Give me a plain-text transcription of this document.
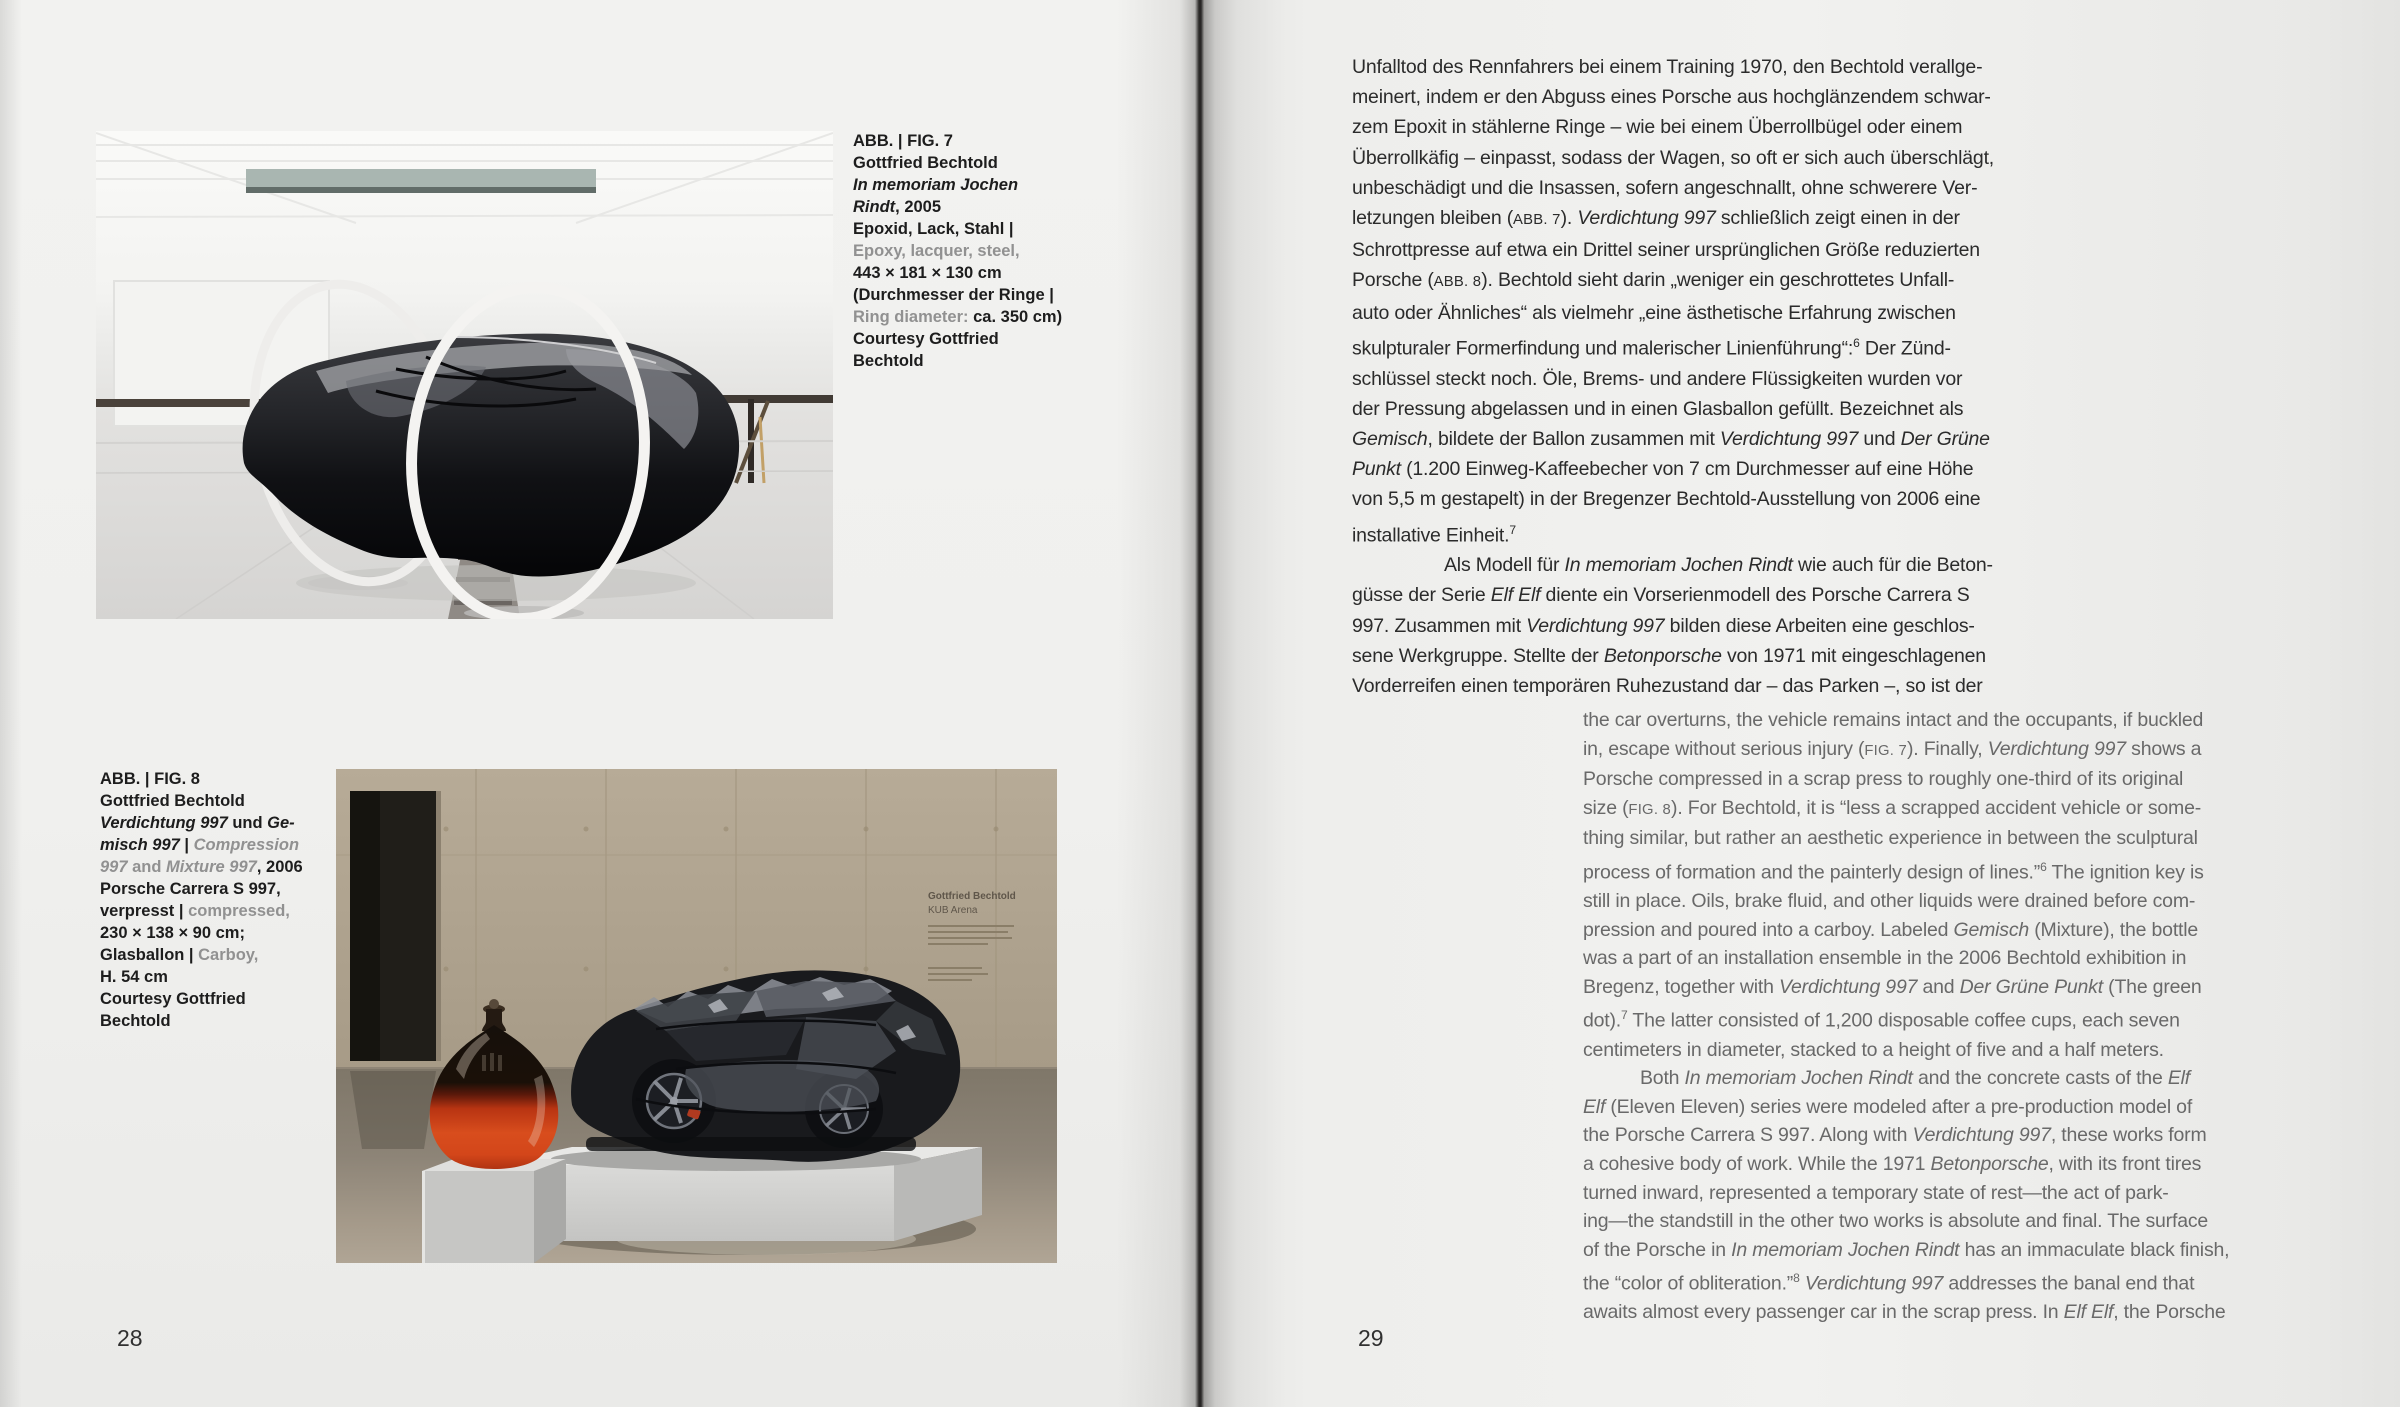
ABB. | FIG. 7
Gottfried Bechtold
In memoriam Jochen
Rindt, 2005
Epoxid, Lack, Stahl |
Epoxy, lacquer, steel,
443 × 181 × 130 cm
(Durchmesser der Ringe |
Ring diameter: ca. 350 cm)
Courtesy Gottfried
Bechtold
ABB. | FIG. 8
Gottfried Bechtold
Verdichtung 997 und Ge-
misch 997 | Compression
997 and Mixture 997, 2006
Porsche Carrera S 997,
verpresst | compressed,
230 × 138 × 90 cm;
Glasballon | Carboy,
H. 54 cm
Courtesy Gottfried
Bechtold
Gottfried Bechtold
KUB Arena
28
Unfalltod des Rennfahrers bei einem Training 1970, den Bechtold verallge-
meinert, indem er den Abguss eines Porsche aus hochglänzendem schwar-
zem Epoxit in stählerne Ringe – wie bei einem Überrollbügel oder einem
Überrollkäfig – einpasst, sodass der Wagen, so oft er sich auch überschlägt,
unbeschädigt und die Insassen, sofern angeschnallt, ohne schwerere Ver-
letzungen bleiben (ABB. 7). Verdichtung 997 schließlich zeigt einen in der
Schrottpresse auf etwa ein Drittel seiner ursprünglichen Größe reduzierten
Porsche (ABB. 8). Bechtold sieht darin „weniger ein geschrottetes Unfall-
auto oder Ähnliches“ als vielmehr „eine ästhetische Erfahrung zwischen
skulpturaler Formerfindung und malerischer Linienführung“:$^6$ Der Zünd-
schlüssel steckt noch. Öle, Brems- und andere Flüssigkeiten wurden vor
der Pressung abgelassen und in einen Glasballon gefüllt. Bezeichnet als
Gemisch, bildete der Ballon zusammen mit Verdichtung 997 und Der Grüne
Punkt (1.200 Einweg-Kaffeebecher von 7 cm Durchmesser auf eine Höhe
von 5,5 m gestapelt) in der Bregenzer Bechtold-Ausstellung von 2006 eine
installative Einheit.$^7$
Als Modell für In memoriam Jochen Rindt wie auch für die Beton-
güsse der Serie Elf Elf diente ein Vorserienmodell des Porsche Carrera S
997. Zusammen mit Verdichtung 997 bilden diese Arbeiten eine geschlos-
sene Werkgruppe. Stellte der Betonporsche von 1971 mit eingeschlagenen
Vorderreifen einen temporären Ruhezustand dar – das Parken –, so ist der
the car overturns, the vehicle remains intact and the occupants, if buckled
in, escape without serious injury (FIG. 7). Finally, Verdichtung 997 shows a
Porsche compressed in a scrap press to roughly one-third of its original
size (FIG. 8). For Bechtold, it is “less a scrapped accident vehicle or some-
thing similar, but rather an aesthetic experience in between the sculptural
process of formation and the painterly design of lines.”$^6$ The ignition key is
still in place. Oils, brake fluid, and other liquids were drained before com-
pression and poured into a carboy. Labeled Gemisch (Mixture), the bottle
was a part of an installation ensemble in the 2006 Bechtold exhibition in
Bregenz, together with Verdichtung 997 and Der Grüne Punkt (The green
dot).$^7$ The latter consisted of 1,200 disposable coffee cups, each seven
centimeters in diameter, stacked to a height of five and a half meters.
Both In memoriam Jochen Rindt and the concrete casts of the Elf
Elf (Eleven Eleven) series were modeled after a pre-production model of
the Porsche Carrera S 997. Along with Verdichtung 997, these works form
a cohesive body of work. While the 1971 Betonporsche, with its front tires
turned inward, represented a temporary state of rest—the act of park-
ing—the standstill in the other two works is absolute and final. The surface
of the Porsche in In memoriam Jochen Rindt has an immaculate black finish,
the “color of obliteration.”$^8$ Verdichtung 997 addresses the banal end that
awaits almost every passenger car in the scrap press. In Elf Elf, the Porsche
29
